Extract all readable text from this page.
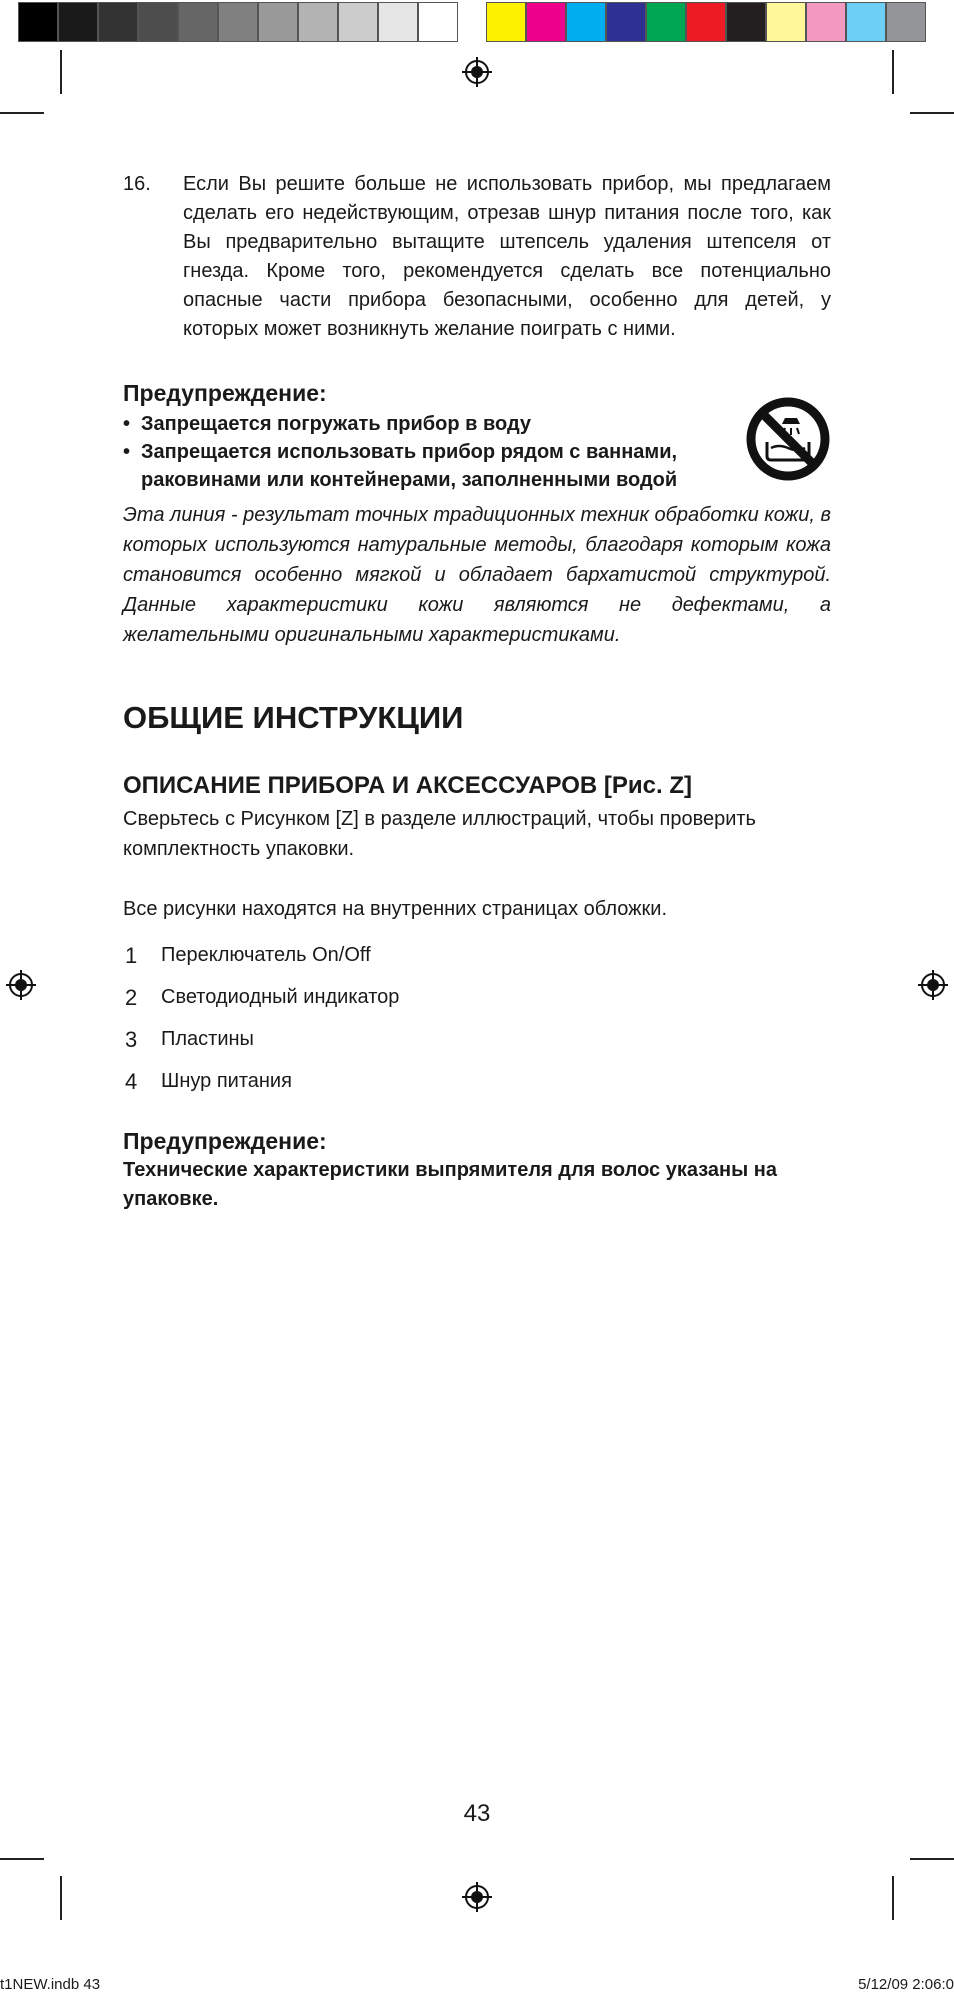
16.	Если Вы решите больше не использовать прибор, мы предлагаем сделать его недействующим, отрезав шнур питания после того, как Вы предварительно вытащите штепсель удаления штепселя от гнезда. Кроме того, рекомендуется сделать все потенциально опасные части прибора безопасными, особенно для детей, у которых может возникнуть желание поиграть с ними.
Предупреждение:
• Запрещается погружать прибор в воду
• Запрещается использовать прибор рядом с ваннами, раковинами или контейнерами, заполненными водой
Эта линия - результат точных традиционных техник обработки кожи, в которых используются натуральные методы, благодаря которым кожа становится особенно мягкой и обладает бархатистой структурой. Данные характеристики кожи являются не дефектами, а желательными оригинальными характеристиками.
ОБЩИЕ ИНСТРУКЦИИ
ОПИСАНИЕ ПРИБОРА И АКСЕССУАРОВ [Рис. Z]
Сверьтесь с Рисунком [Z] в разделе иллюстраций, чтобы проверить комплектность упаковки.
Все рисунки находятся на внутренних страницах обложки.
1	Переключатель On/Off
2	Светодиодный индикатор
3	Пластины
4	Шнур питания
Предупреждение:
Технические характеристики выпрямителя для волос указаны на упаковке.
43
t1NEW.indb 43	5/12/09 2:06:0
